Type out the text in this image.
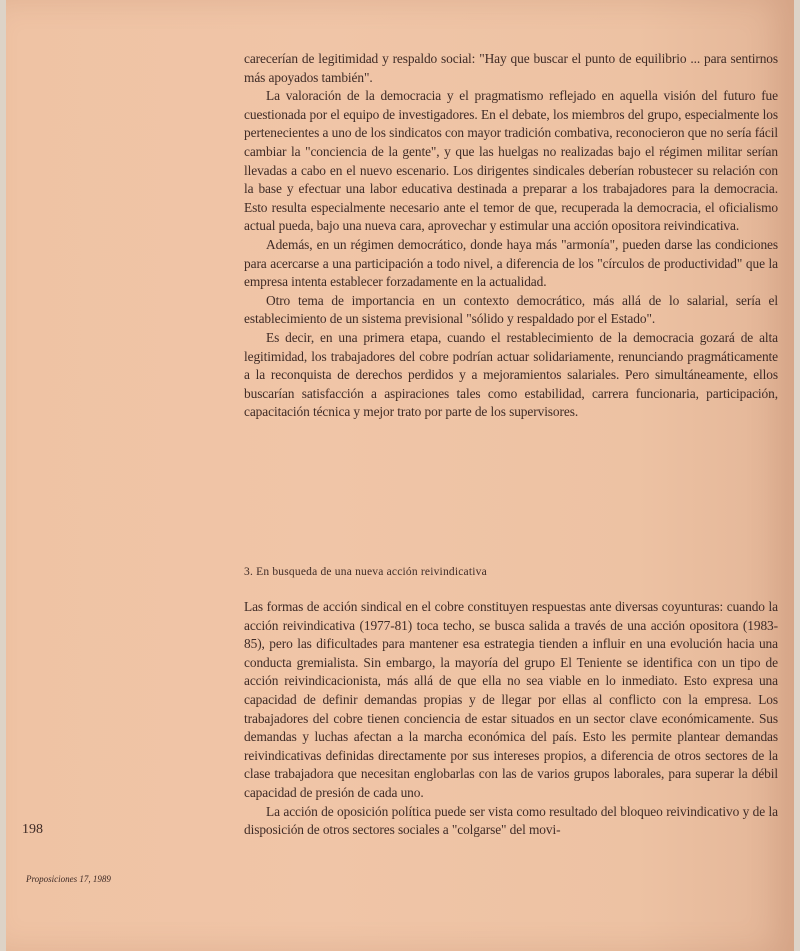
carecerían de legitimidad y respaldo social: "Hay que buscar el punto de equilibrio ... para sentirnos más apoyados también".

La valoración de la democracia y el pragmatismo reflejado en aquella visión del futuro fue cuestionada por el equipo de investigadores. En el debate, los miembros del grupo, especialmente los pertenecientes a uno de los sindicatos con mayor tradición combativa, reconocieron que no sería fácil cambiar la "conciencia de la gente", y que las huelgas no realizadas bajo el régimen militar serían llevadas a cabo en el nuevo escenario. Los dirigentes sindicales deberían robustecer su relación con la base y efectuar una labor educativa destinada a preparar a los trabajadores para la democracia. Esto resulta especialmente necesario ante el temor de que, recuperada la democracia, el oficialismo actual pueda, bajo una nueva cara, aprovechar y estimular una acción opositora reivindicativa.

Además, en un régimen democrático, donde haya más "armonía", pueden darse las condiciones para acercarse a una participación a todo nivel, a diferencia de los "círculos de productividad" que la empresa intenta establecer forzadamente en la actualidad.

Otro tema de importancia en un contexto democrático, más allá de lo salarial, sería el establecimiento de un sistema previsional "sólido y respaldado por el Estado".

Es decir, en una primera etapa, cuando el restablecimiento de la democracia gozará de alta legitimidad, los trabajadores del cobre podrían actuar solidariamente, renunciando pragmáticamente a la reconquista de derechos perdidos y a mejoramientos salariales. Pero simultáneamente, ellos buscarían satisfacción a aspiraciones tales como estabilidad, carrera funcionaria, participación, capacitación técnica y mejor trato por parte de los supervisores.

3. En busqueda de una nueva acción reivindicativa

Las formas de acción sindical en el cobre constituyen respuestas ante diversas coyunturas: cuando la acción reivindicativa (1977-81) toca techo, se busca salida a través de una acción opositora (1983-85), pero las dificultades para mantener esa estrategia tienden a influir en una evolución hacia una conducta gremialista. Sin embargo, la mayoría del grupo El Teniente se identifica con un tipo de acción reivindicacionista, más allá de que ella no sea viable en lo inmediato. Esto expresa una capacidad de definir demandas propias y de llegar por ellas al conflicto con la empresa. Los trabajadores del cobre tienen conciencia de estar situados en un sector clave económicamente. Sus demandas y luchas afectan a la marcha económica del país. Esto les permite plantear demandas reivindicativas definidas directamente por sus intereses propios, a diferencia de otros sectores de la clase trabajadora que necesitan englobarlas con las de varios grupos laborales, para superar la débil capacidad de presión de cada uno.

La acción de oposición política puede ser vista como resultado del bloqueo reivindicativo y de la disposición de otros sectores sociales a "colgarse" del movi-

198
Proposiciones 17, 1989
